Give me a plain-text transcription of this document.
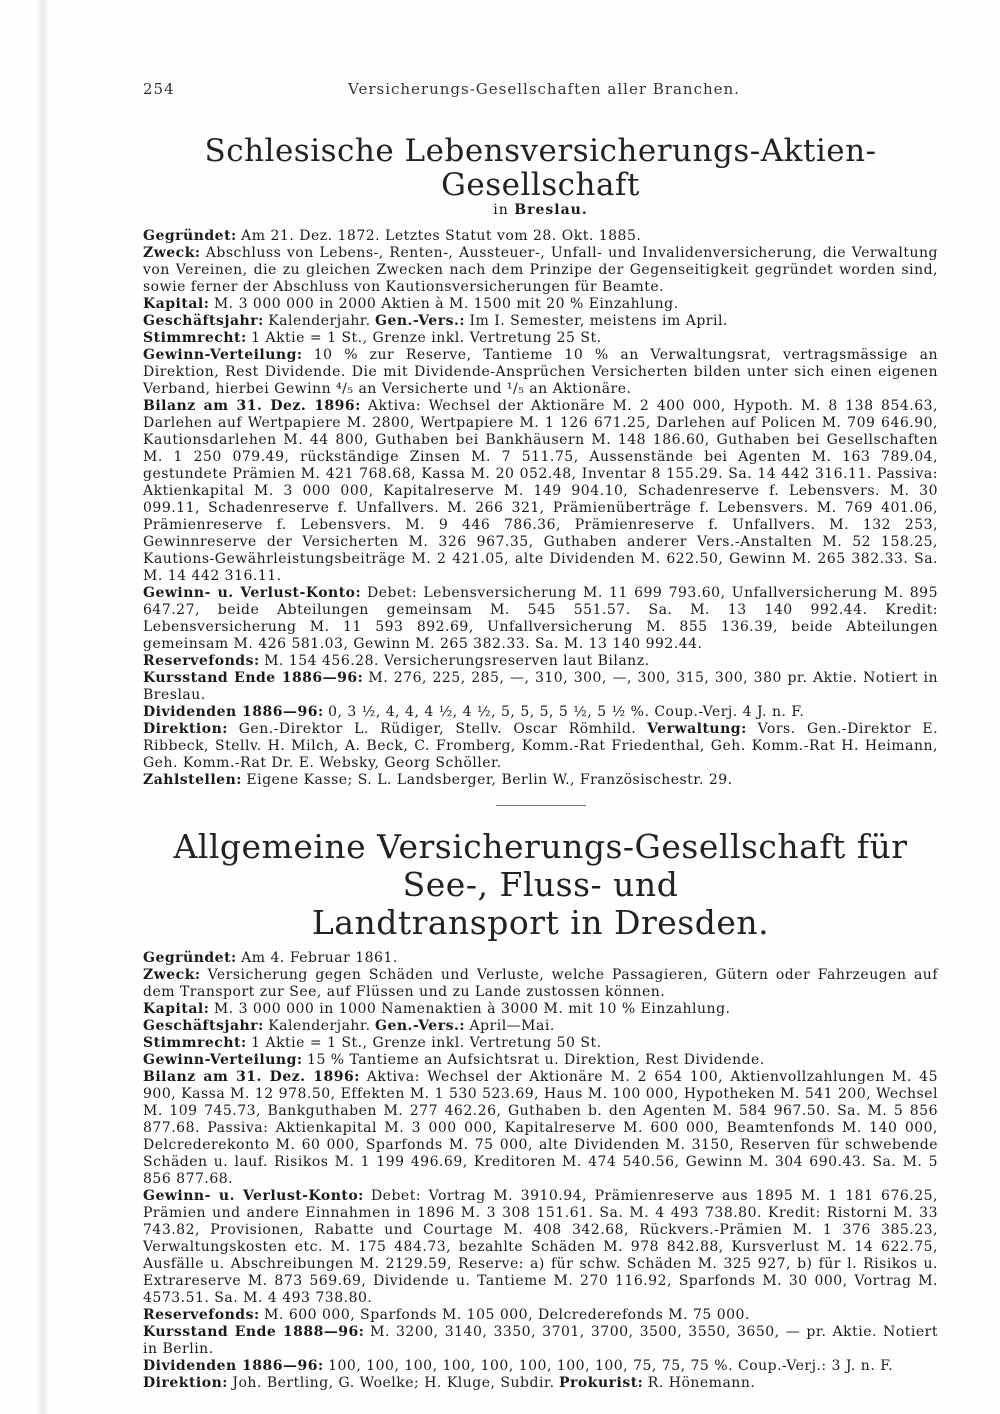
254	Versicherungs-Gesellschaften aller Branchen.
Schlesische Lebensversicherungs-Aktien-Gesellschaft

in Breslau.

Gegründet: Am 21. Dez. 1872. Letztes Statut vom 28. Okt. 1885.

Zweck: Abschluss von Lebens-, Renten-, Aussteuer-, Unfall- und Invalidenversicherung, die Verwaltung von Vereinen, die zu gleichen Zwecken nach dem Prinzipe der Gegenseitigkeit gegründet worden sind, sowie ferner der Abschluss von Kautionsversicherungen für Beamte.

Kapital: M. 3 000 000 in 2000 Aktien à M. 1500 mit 20 % Einzahlung.

Geschäftsjahr: Kalenderjahr. Gen.-Vers.: Im I. Semester, meistens im April.

Stimmrecht: 1 Aktie = 1 St., Grenze inkl. Vertretung 25 St.

Gewinn-Verteilung: 10 % zur Reserve, Tantieme 10 % an Verwaltungsrat, vertragsmässige an Direktion, Rest Dividende. Die mit Dividende-Ansprüchen Versicherten bilden unter sich einen eigenen Verband, hierbei Gewinn ⁴/₅ an Versicherte und ¹/₅ an Aktionäre.

Bilanz am 31. Dez. 1896: Aktiva: Wechsel der Aktionäre M. 2 400 000, Hypoth. M. 8 138 854.63, Darlehen auf Wertpapiere M. 2800, Wertpapiere M. 1 126 671.25, Darlehen auf Policen M. 709 646.90, Kautionsdarlehen M. 44 800, Guthaben bei Bankhäusern M. 148 186.60, Guthaben bei Gesellschaften M. 1 250 079.49, rückständige Zinsen M. 7 511.75, Aussenstände bei Agenten M. 163 789.04, gestundete Prämien M. 421 768.68, Kassa M. 20 052.48, Inventar 8 155.29. Sa. 14 442 316.11. Passiva: Aktienkapital M. 3 000 000, Kapitalreserve M. 149 904.10, Schadenreserve f. Lebensvers. M. 30 099.11, Schadenreserve f. Unfallvers. M. 266 321, Prämienüberträge f. Lebensvers. M. 769 401.06, Prämienreserve f. Lebensvers. M. 9 446 786.36, Prämienreserve f. Unfallvers. M. 132 253, Gewinnreserve der Versicherten M. 326 967.35, Guthaben anderer Vers.-Anstalten M. 52 158.25, Kautions-Gewährleistungsbeiträge M. 2 421.05, alte Dividenden M. 622.50, Gewinn M. 265 382.33. Sa. M. 14 442 316.11.

Gewinn- u. Verlust-Konto: Debet: Lebensversicherung M. 11 699 793.60, Unfallversicherung M. 895 647.27, beide Abteilungen gemeinsam M. 545 551.57. Sa. M. 13 140 992.44. Kredit: Lebensversicherung M. 11 593 892.69, Unfallversicherung M. 855 136.39, beide Abteilungen gemeinsam M. 426 581.03, Gewinn M. 265 382.33. Sa. M. 13 140 992.44.

Reservefonds: M. 154 456.28. Versicherungsreserven laut Bilanz.

Kursstand Ende 1886—96: M. 276, 225, 285, —, 310, 300, —, 300, 315, 300, 380 pr. Aktie. Notiert in Breslau.

Dividenden 1886—96: 0, 3 ½, 4, 4, 4 ½, 4 ½, 5, 5, 5, 5 ½, 5 ½ %. Coup.-Verj. 4 J. n. F.

Direktion: Gen.-Direktor L. Rüdiger, Stellv. Oscar Römhild. Verwaltung: Vors. Gen.-Direktor E. Ribbeck, Stellv. H. Milch, A. Beck, C. Fromberg, Komm.-Rat Friedenthal, Geh. Komm.-Rat H. Heimann, Geh. Komm.-Rat Dr. E. Websky, Georg Schöller.

Zahlstellen: Eigene Kasse; S. L. Landsberger, Berlin W., Französischestr. 29.

Allgemeine Versicherungs-Gesellschaft für See-, Fluss- und
Landtransport in Dresden.

Gegründet: Am 4. Februar 1861.

Zweck: Versicherung gegen Schäden und Verluste, welche Passagieren, Gütern oder Fahrzeugen auf dem Transport zur See, auf Flüssen und zu Lande zustossen können.

Kapital: M. 3 000 000 in 1000 Namenaktien à 3000 M. mit 10 % Einzahlung.

Geschäftsjahr: Kalenderjahr. Gen.-Vers.: April—Mai.

Stimmrecht: 1 Aktie = 1 St., Grenze inkl. Vertretung 50 St.

Gewinn-Verteilung: 15 % Tantieme an Aufsichtsrat u. Direktion, Rest Dividende.

Bilanz am 31. Dez. 1896: Aktiva: Wechsel der Aktionäre M. 2 654 100, Aktienvollzahlungen M. 45 900, Kassa M. 12 978.50, Effekten M. 1 530 523.69, Haus M. 100 000, Hypotheken M. 541 200, Wechsel M. 109 745.73, Bankguthaben M. 277 462.26, Guthaben b. den Agenten M. 584 967.50. Sa. M. 5 856 877.68. Passiva: Aktienkapital M. 3 000 000, Kapitalreserve M. 600 000, Beamtenfonds M. 140 000, Delcrederekonto M. 60 000, Sparfonds M. 75 000, alte Dividenden M. 3150, Reserven für schwebende Schäden u. lauf. Risikos M. 1 199 496.69, Kreditoren M. 474 540.56, Gewinn M. 304 690.43. Sa. M. 5 856 877.68.

Gewinn- u. Verlust-Konto: Debet: Vortrag M. 3910.94, Prämienreserve aus 1895 M. 1 181 676.25, Prämien und andere Einnahmen in 1896 M. 3 308 151.61. Sa. M. 4 493 738.80. Kredit: Ristorni M. 33 743.82, Provisionen, Rabatte und Courtage M. 408 342.68, Rückvers.-Prämien M. 1 376 385.23, Verwaltungskosten etc. M. 175 484.73, bezahlte Schäden M. 978 842.88, Kursverlust M. 14 622.75, Ausfälle u. Abschreibungen M. 2129.59, Reserve: a) für schw. Schäden M. 325 927, b) für l. Risikos u. Extrareserve M. 873 569.69, Dividende u. Tantieme M. 270 116.92, Sparfonds M. 30 000, Vortrag M. 4573.51. Sa. M. 4 493 738.80.

Reservefonds: M. 600 000, Sparfonds M. 105 000, Delcrederefonds M. 75 000.

Kursstand Ende 1888—96: M. 3200, 3140, 3350, 3701, 3700, 3500, 3550, 3650, — pr. Aktie. Notiert in Berlin.

Dividenden 1886—96: 100, 100, 100, 100, 100, 100, 100, 100, 75, 75, 75 %. Coup.-Verj.: 3 J. n. F.

Direktion: Joh. Bertling, G. Woelke; H. Kluge, Subdir. Prokurist: R. Hönemann.
